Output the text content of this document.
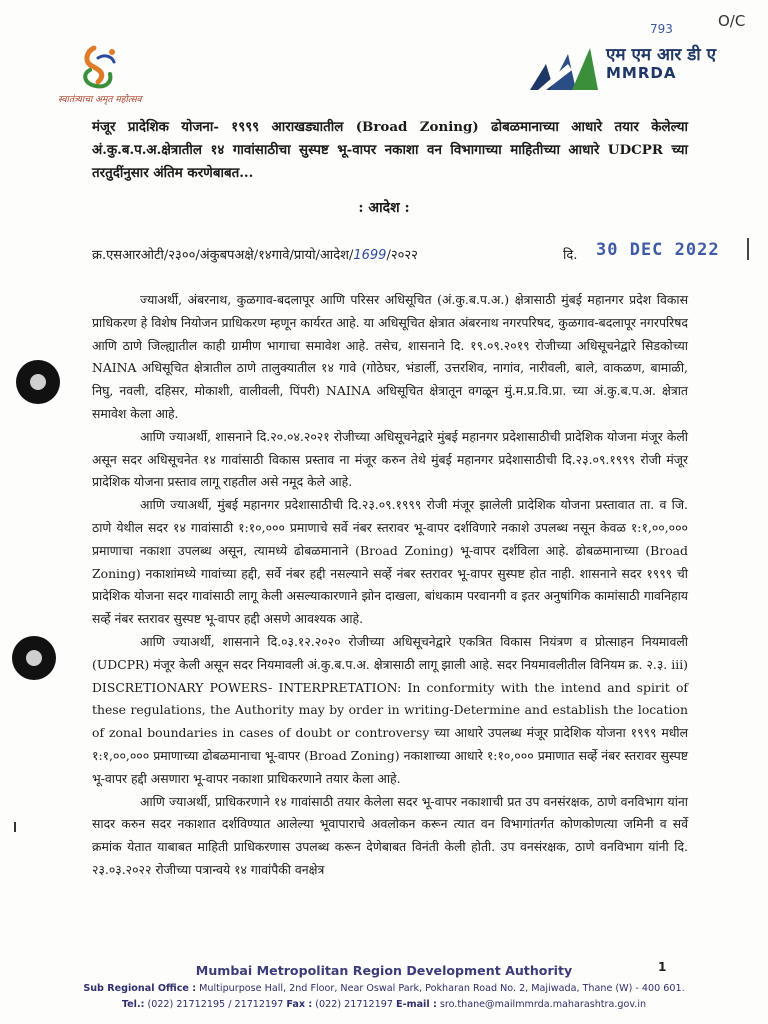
793	O/C
स्वातंत्र्याचा अमृत महोत्सव
एम एम आर डी ए
MMRDA
मंजूर प्रादेशिक योजना- १९९९ आराखड्यातील (Broad Zoning) ढोबळमानाच्या आधारे तयार केलेल्या अं.कु.ब.प.अ.क्षेत्रातील १४ गावांसाठीचा सुस्पष्ट भू-वापर नकाशा वन विभागाच्या माहितीच्या आधारे UDCPR च्या तरतुदींनुसार अंतिम करणेबाबत...
: आदेश :
क्र.एसआरओटी/२३००/अंकुबपअक्षे/१४गावे/प्रायो/आदेश/1699/२०२२	दि. 30 DEC 2022

ज्याअर्थी, अंबरनाथ, कुळगाव-बदलापूर आणि परिसर अधिसूचित (अं.कु.ब.प.अ.) क्षेत्रासाठी मुंबई महानगर प्रदेश विकास प्राधिकरण हे विशेष नियोजन प्राधिकरण म्हणून कार्यरत आहे. या अधिसूचित क्षेत्रात अंबरनाथ नगरपरिषद, कुळगाव-बदलापूर नगरपरिषद आणि ठाणे जिल्ह्यातील काही ग्रामीण भागाचा समावेश आहे. तसेच, शासनाने दि. १९.०९.२०१९ रोजीच्या अधिसूचनेद्वारे सिडकोच्या NAINA अधिसूचित क्षेत्रातील ठाणे तालुक्यातील १४ गावे (गोठेघर, भंडार्ली, उत्तरशिव, नागांव, नारीवली, बाले, वाकळण, बामाळी, निघु, नवली, दहिसर, मोकाशी, वालीवली, पिंपरी) NAINA अधिसूचित क्षेत्रातून वगळून मुं.म.प्र.वि.प्रा. च्या अं.कु.ब.प.अ. क्षेत्रात समावेश केला आहे.

आणि ज्याअर्थी, शासनाने दि.२०.०४.२०२१ रोजीच्या अधिसूचनेद्वारे मुंबई महानगर प्रदेशासाठीची प्रादेशिक योजना मंजूर केली असून सदर अधिसूचनेत १४ गावांसाठी विकास प्रस्ताव ना मंजूर करुन तेथे मुंबई महानगर प्रदेशासाठीची दि.२३.०९.१९९९ रोजी मंजूर प्रादेशिक योजना प्रस्ताव लागू राहतील असे नमूद केले आहे.

आणि ज्याअर्थी, मुंबई महानगर प्रदेशासाठीची दि.२३.०९.१९९९ रोजी मंजूर झालेली प्रादेशिक योजना प्रस्तावात ता. व जि. ठाणे येथील सदर १४ गावांसाठी १:१०,००० प्रमाणाचे सर्वे नंबर स्तरावर भू-वापर दर्शविणारे नकाशे उपलब्ध नसून केवळ १:१,००,००० प्रमाणाचा नकाशा उपलब्ध असून, त्यामध्ये ढोबळमानाने (Broad Zoning) भू-वापर दर्शविला आहे. ढोबळमानाच्या (Broad Zoning) नकाशांमध्ये गावांच्या हद्दी, सर्वे नंबर हद्दी नसल्याने सर्व्हे नंबर स्तरावर भू-वापर सुस्पष्ट होत नाही. शासनाने सदर १९९९ ची प्रादेशिक योजना सदर गावांसाठी लागू केली असल्याकारणाने झोन दाखला, बांधकाम परवानगी व इतर अनुषांगिक कामांसाठी गावनिहाय सर्व्हे नंबर स्तरावर सुस्पष्ट भू-वापर हद्दी असणे आवश्यक आहे.

आणि ज्याअर्थी, शासनाने दि.०३.१२.२०२० रोजीच्या अधिसूचनेद्वारे एकत्रित विकास नियंत्रण व प्रोत्साहन नियमावली (UDCPR) मंजूर केली असून सदर नियमावली अं.कु.ब.प.अ. क्षेत्रासाठी लागू झाली आहे. सदर नियमावलीतील विनियम क्र. २.३. iii) DISCRETIONARY POWERS- INTERPRETATION: In conformity with the intend and spirit of these regulations, the Authority may by order in writing-Determine and establish the location of zonal boundaries in cases of doubt or controversy च्या आधारे उपलब्ध मंजूर प्रादेशिक योजना १९९९ मधील १:१,००,००० प्रमाणाच्या ढोबळमानाचा भू-वापर (Broad Zoning) नकाशाच्या आधारे १:१०,००० प्रमाणात सर्व्हे नंबर स्तरावर सुस्पष्ट भू-वापर हद्दी असणारा भू-वापर नकाशा प्राधिकरणाने तयार केला आहे.

आणि ज्याअर्थी, प्राधिकरणाने १४ गावांसाठी तयार केलेला सदर भू-वापर नकाशाची प्रत उप वनसंरक्षक, ठाणे वनविभाग यांना सादर करुन सदर नकाशात दर्शविण्यात आलेल्या भूवापाराचे अवलोकन करून त्यात वन विभागांतर्गत कोणकोणत्या जमिनी व सर्वे क्रमांक येतात याबाबत माहिती प्राधिकरणास उपलब्ध करून देणेबाबत विनंती केली होती. उप वनसंरक्षक, ठाणे वनविभाग यांनी दि. २३.०३.२०२२ रोजीच्या पत्रान्वये १४ गावांपैकी वनक्षेत्र

Mumbai Metropolitan Region Development Authority	1
Sub Regional Office : Multipurpose Hall, 2nd Floor, Near Oswal Park, Pokharan Road No. 2, Majiwada, Thane (W) - 400 601.
Tel.: (022) 21712195 / 21712197 Fax : (022) 21712197 E-mail : sro.thane@mailmmrda.maharashtra.gov.in
